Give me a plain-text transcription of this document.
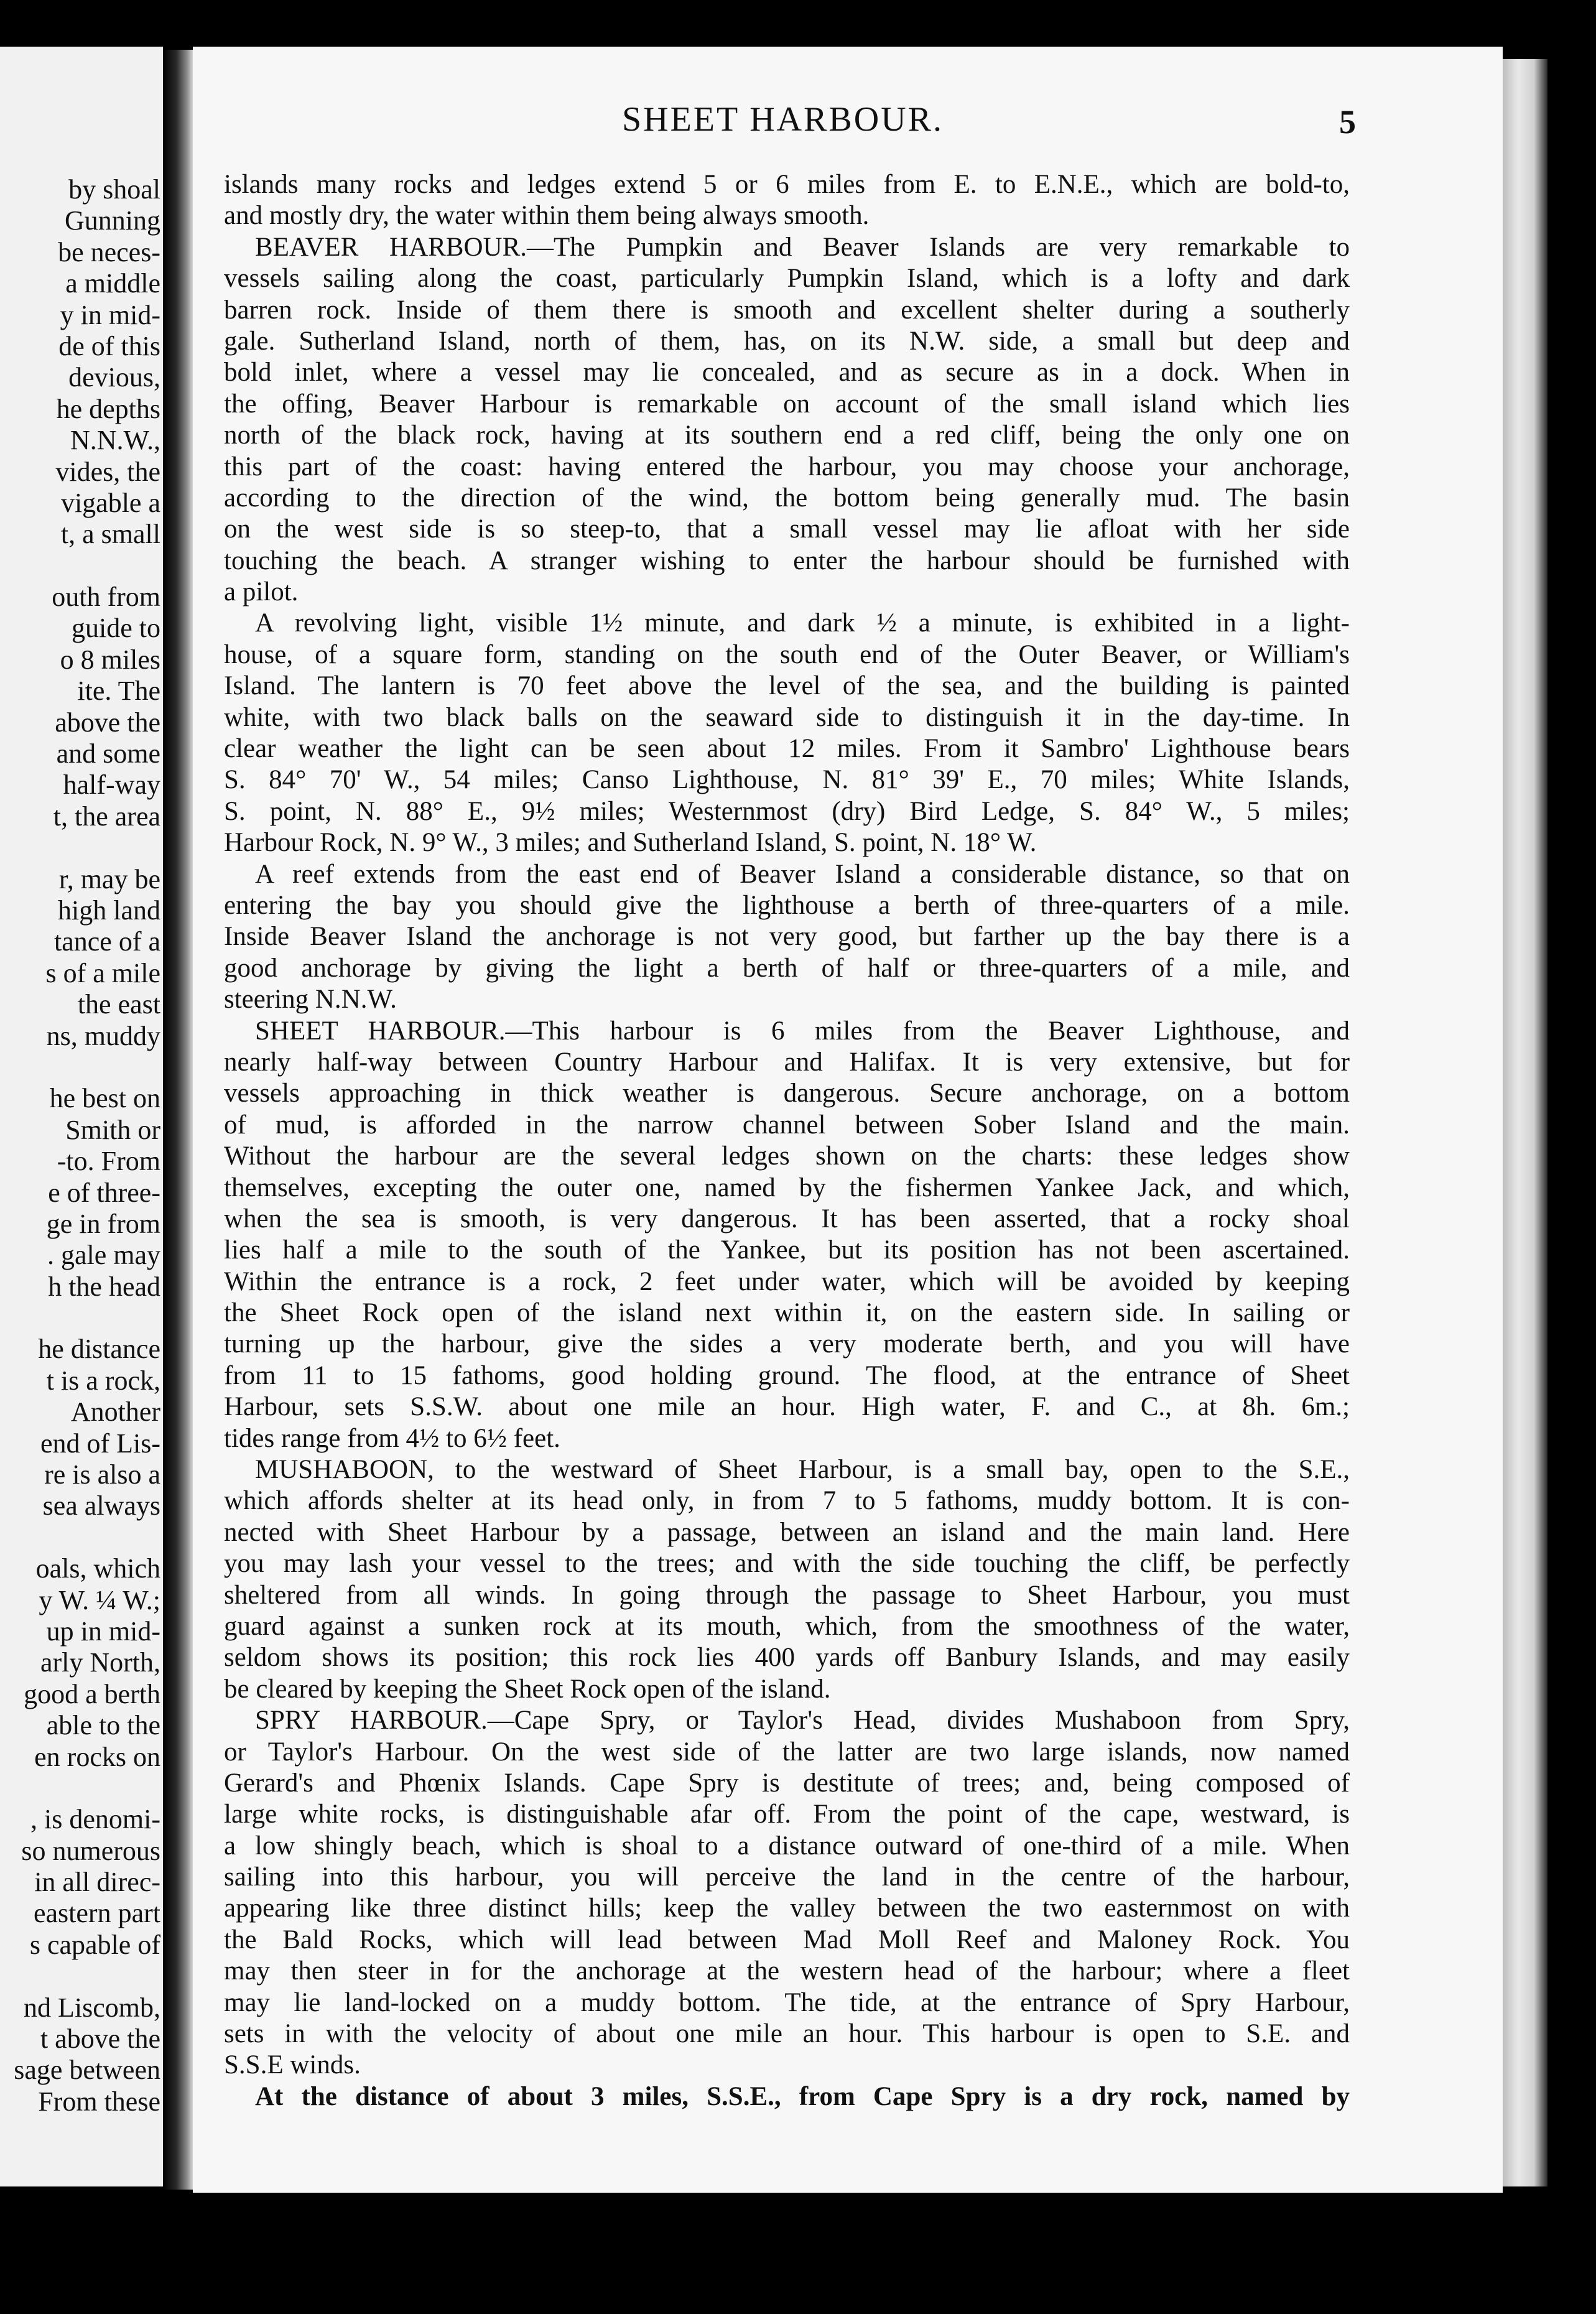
by shoal
Gunning
be neces-
a middle
y in mid-
de of this
devious,
he depths
N.N.W.,
vides, the
vigable a
t, a small
outh from
guide to
o 8 miles
ite. The
above the
and some
half-way
t, the area
r, may be
high land
tance of a
s of a mile
the east
ns, muddy
he best on
Smith or
-to. From
e of three-
ge in from
. gale may
h the head
he distance
t is a rock,
Another
end of Lis-
re is also a
sea always
oals, which
y W. ¼ W.;
up in mid-
arly North,
good a berth
able to the
en rocks on
, is denomi-
so numerous
in all direc-
eastern part
s capable of
nd Liscomb,
t above the
sage between
From these
SHEET HARBOUR.	5
islands many rocks and ledges extend 5 or 6 miles from E. to E.N.E., which are bold-to,
and mostly dry, the water within them being always smooth.
BEAVER HARBOUR.—The Pumpkin and Beaver Islands are very remarkable to
vessels sailing along the coast, particularly Pumpkin Island, which is a lofty and dark
barren rock. Inside of them there is smooth and excellent shelter during a southerly
gale. Sutherland Island, north of them, has, on its N.W. side, a small but deep and
bold inlet, where a vessel may lie concealed, and as secure as in a dock. When in
the offing, Beaver Harbour is remarkable on account of the small island which lies
north of the black rock, having at its southern end a red cliff, being the only one on
this part of the coast: having entered the harbour, you may choose your anchorage,
according to the direction of the wind, the bottom being generally mud. The basin
on the west side is so steep-to, that a small vessel may lie afloat with her side
touching the beach. A stranger wishing to enter the harbour should be furnished with
a pilot.
A revolving light, visible 1½ minute, and dark ½ a minute, is exhibited in a light-
house, of a square form, standing on the south end of the Outer Beaver, or William's
Island. The lantern is 70 feet above the level of the sea, and the building is painted
white, with two black balls on the seaward side to distinguish it in the day-time. In
clear weather the light can be seen about 12 miles. From it Sambro' Lighthouse bears
S. 84° 70' W., 54 miles; Canso Lighthouse, N. 81° 39' E., 70 miles; White Islands,
S. point, N. 88° E., 9½ miles; Westernmost (dry) Bird Ledge, S. 84° W., 5 miles;
Harbour Rock, N. 9° W., 3 miles; and Sutherland Island, S. point, N. 18° W.
A reef extends from the east end of Beaver Island a considerable distance, so that on
entering the bay you should give the lighthouse a berth of three-quarters of a mile.
Inside Beaver Island the anchorage is not very good, but farther up the bay there is a
good anchorage by giving the light a berth of half or three-quarters of a mile, and
steering N.N.W.
SHEET HARBOUR.—This harbour is 6 miles from the Beaver Lighthouse, and
nearly half-way between Country Harbour and Halifax. It is very extensive, but for
vessels approaching in thick weather is dangerous. Secure anchorage, on a bottom
of mud, is afforded in the narrow channel between Sober Island and the main.
Without the harbour are the several ledges shown on the charts: these ledges show
themselves, excepting the outer one, named by the fishermen Yankee Jack, and which,
when the sea is smooth, is very dangerous. It has been asserted, that a rocky shoal
lies half a mile to the south of the Yankee, but its position has not been ascertained.
Within the entrance is a rock, 2 feet under water, which will be avoided by keeping
the Sheet Rock open of the island next within it, on the eastern side. In sailing or
turning up the harbour, give the sides a very moderate berth, and you will have
from 11 to 15 fathoms, good holding ground. The flood, at the entrance of Sheet
Harbour, sets S.S.W. about one mile an hour. High water, F. and C., at 8h. 6m.;
tides range from 4½ to 6½ feet.
MUSHABOON, to the westward of Sheet Harbour, is a small bay, open to the S.E.,
which affords shelter at its head only, in from 7 to 5 fathoms, muddy bottom. It is con-
nected with Sheet Harbour by a passage, between an island and the main land. Here
you may lash your vessel to the trees; and with the side touching the cliff, be perfectly
sheltered from all winds. In going through the passage to Sheet Harbour, you must
guard against a sunken rock at its mouth, which, from the smoothness of the water,
seldom shows its position; this rock lies 400 yards off Banbury Islands, and may easily
be cleared by keeping the Sheet Rock open of the island.
SPRY HARBOUR.—Cape Spry, or Taylor's Head, divides Mushaboon from Spry,
or Taylor's Harbour. On the west side of the latter are two large islands, now named
Gerard's and Phœnix Islands. Cape Spry is destitute of trees; and, being composed of
large white rocks, is distinguishable afar off. From the point of the cape, westward, is
a low shingly beach, which is shoal to a distance outward of one-third of a mile. When
sailing into this harbour, you will perceive the land in the centre of the harbour,
appearing like three distinct hills; keep the valley between the two easternmost on with
the Bald Rocks, which will lead between Mad Moll Reef and Maloney Rock. You
may then steer in for the anchorage at the western head of the harbour; where a fleet
may lie land-locked on a muddy bottom. The tide, at the entrance of Spry Harbour,
sets in with the velocity of about one mile an hour. This harbour is open to S.E. and
S.S.E winds.
At the distance of about 3 miles, S.S.E., from Cape Spry is a dry rock, named by
